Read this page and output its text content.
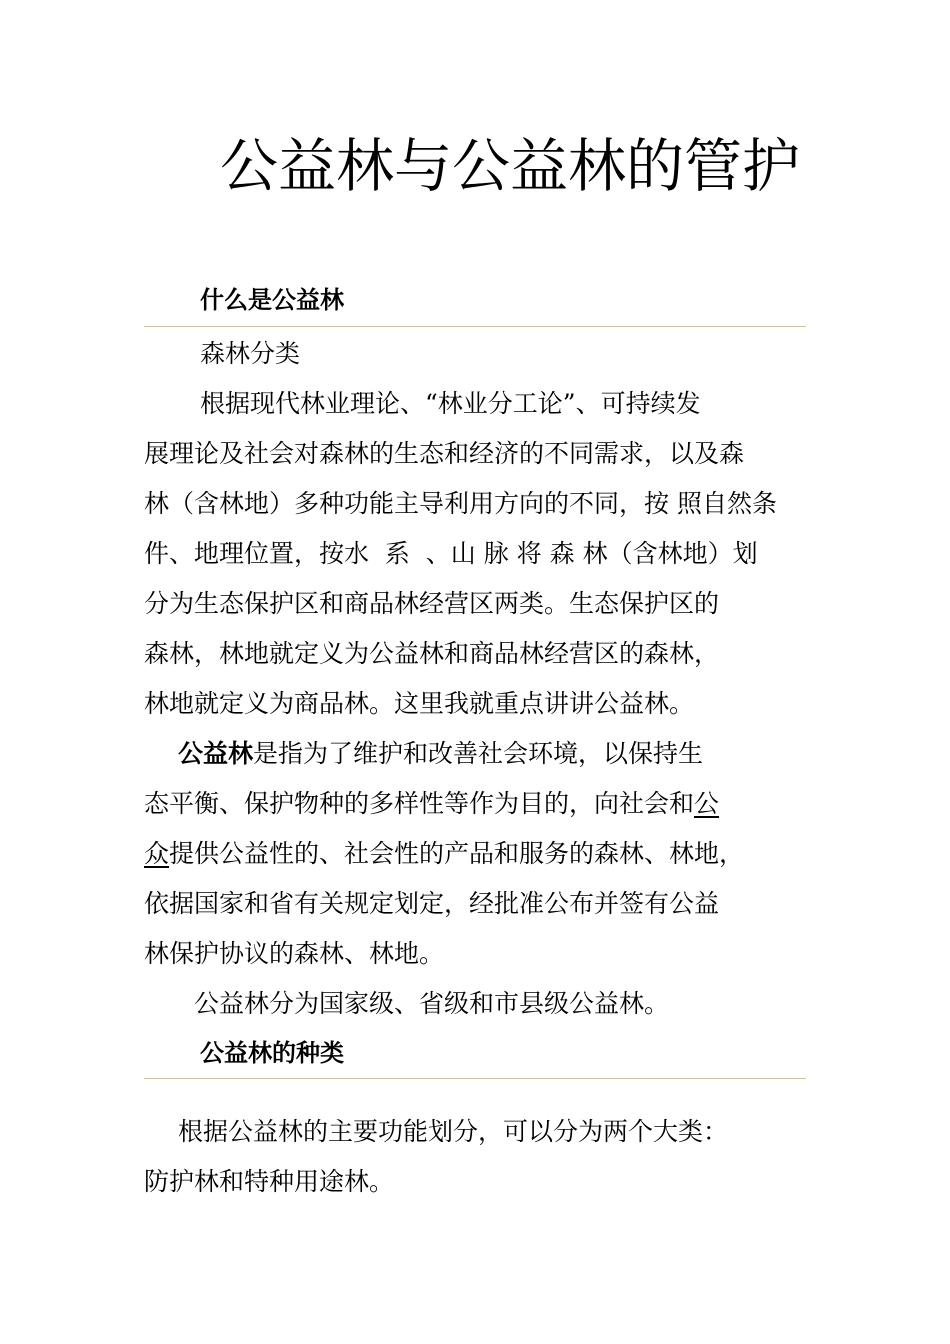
公益林与公益林的管护
什么是公益林

森林分类

根据现代林业理论、“林业分工论”、可持续发

展理论及社会对森林的生态和经济的不同需求，以及森

林（含林地）多种功能主导利用方向的不同，按 照自然条

件、地理位置，按水  系  、山 脉 将 森 林（含林地）划

分为生态保护区和商品林经营区两类。生态保护区的

森林，林地就定义为公益林和商品林经营区的森林，

林地就定义为商品林。这里我就重点讲讲公益林。

公益林是指为了维护和改善社会环境，以保持生

态平衡、保护物种的多样性等作为目的，向社会和公

众提供公益性的、社会性的产品和服务的森林、林地，

依据国家和省有关规定划定，经批准公布并签有公益

林保护协议的森林、林地。

公益林分为国家级、省级和市县级公益林。

公益林的种类

根据公益林的主要功能划分，可以分为两个大类：

防护林和特种用途林。
